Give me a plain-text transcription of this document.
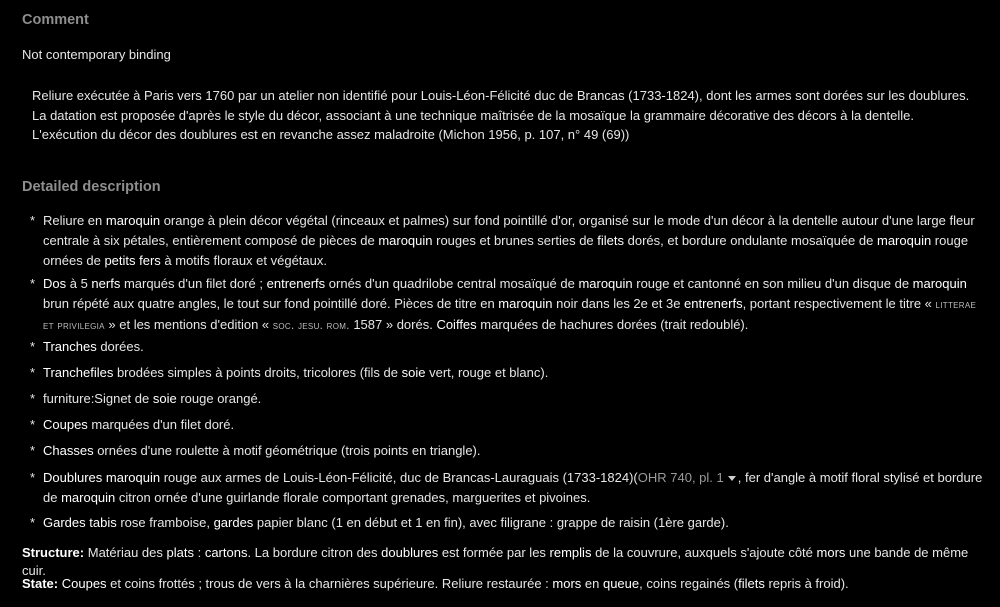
Comment

Not contemporary binding

Reliure exécutée à Paris vers 1760 par un atelier non identifié pour Louis-Léon-Félicité duc de Brancas (1733-1824), dont les armes sont dorées sur les doublures. La datation est proposée d'après le style du décor, associant à une technique maîtrisée de la mosaïque la grammaire décorative des décors à la dentelle. L'exécution du décor des doublures est en revanche assez maladroite (Michon 1956, p. 107, n° 49 (69))

Detailed description
* Reliure en maroquin orange à plein décor végétal (rinceaux et palmes) sur fond pointillé d'or, organisé sur le mode d'un décor à la dentelle autour d'une large fleur centrale à six pétales, entièrement composé de pièces de maroquin rouges et brunes serties de filets dorés, et bordure ondulante mosaïquée de maroquin rouge ornées de petits fers à motifs floraux et végétaux.
* Dos à 5 nerfs marqués d'un filet doré ; entrenerfs ornés d'un quadrilobe central mosaïqué de maroquin rouge et cantonné en son milieu d'un disque de maroquin brun répété aux quatre angles, le tout sur fond pointillé doré. Pièces de titre en maroquin noir dans les 2e et 3e entrenerfs, portant respectivement le titre « litterae et privilegia » et les mentions d'edition « soc. jesu. rom. 1587 » dorés. Coiffes marquées de hachures dorées (trait redoublé).
* Tranches dorées.
* Tranchefiles brodées simples à points droits, tricolores (fils de soie vert, rouge et blanc).
* furniture:Signet de soie rouge orangé.
* Coupes marquées d'un filet doré.
* Chasses ornées d'une roulette à motif géométrique (trois points en triangle).
* Doublures maroquin rouge aux armes de Louis-Léon-Félicité, duc de Brancas-Lauraguais (1733-1824)(OHR 740, pl. 1 , fer d'angle à motif floral stylisé et bordure de maroquin citron ornée d'une guirlande florale comportant grenades, marguerites et pivoines.
* Gardes tabis rose framboise, gardes papier blanc (1 en début et 1 en fin), avec filigrane : grappe de raisin (1ère garde).

Structure: Matériau des plats : cartons. La bordure citron des doublures est formée par les remplis de la couvrure, auxquels s'ajoute côté mors une bande de même cuir.

State: Coupes et coins frottés ; trous de vers à la charnières supérieure. Reliure restaurée : mors en queue, coins regainés (filets repris à froid).
